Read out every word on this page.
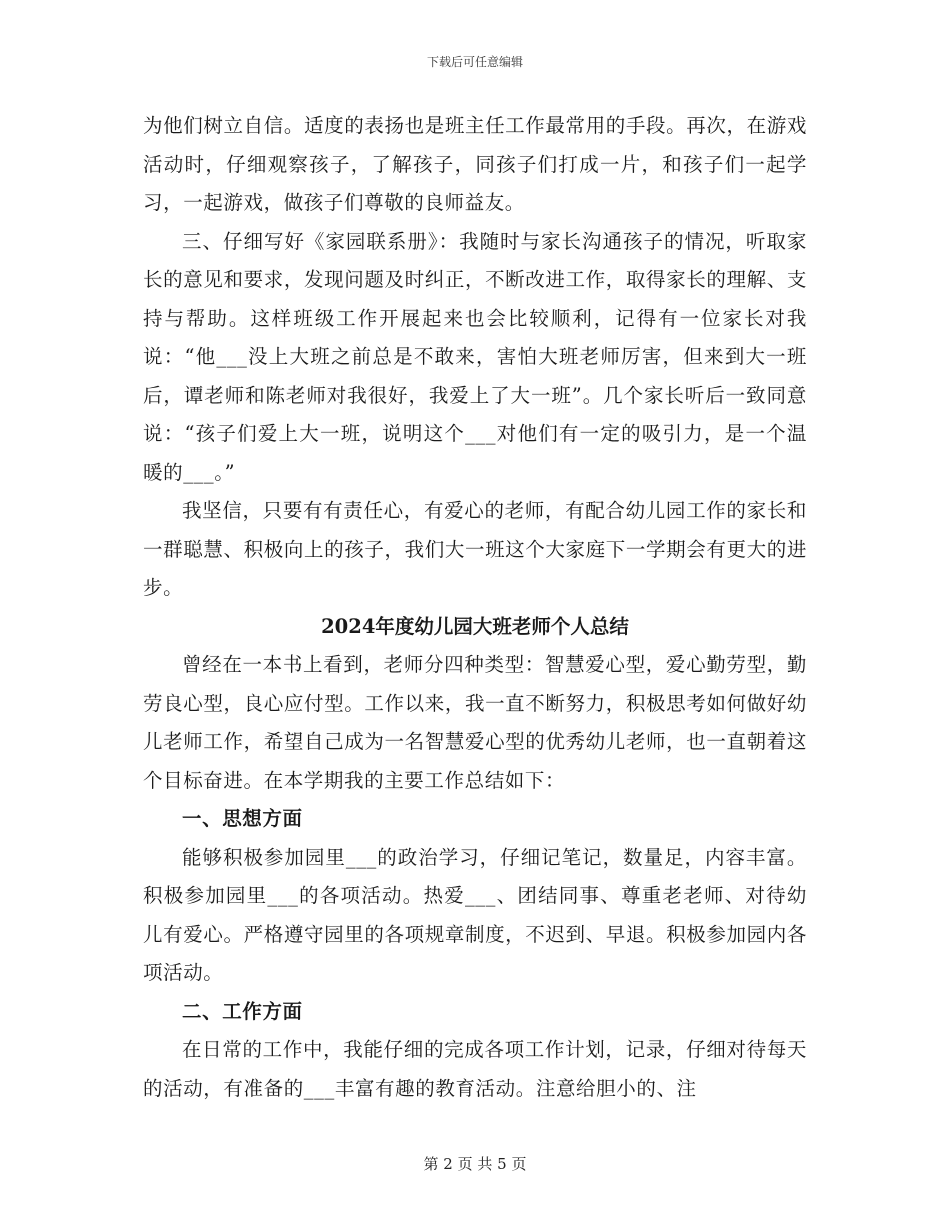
下载后可任意编辑

为他们树立自信。适度的表扬也是班主任工作最常用的手段。再次，在游戏活动时，仔细观察孩子，了解孩子，同孩子们打成一片，和孩子们一起学习，一起游戏，做孩子们尊敬的良师益友。

三、仔细写好《家园联系册》：我随时与家长沟通孩子的情况，听取家长的意见和要求，发现问题及时纠正，不断改进工作，取得家长的理解、支持与帮助。这样班级工作开展起来也会比较顺利，记得有一位家长对我说：“他___没上大班之前总是不敢来，害怕大班老师厉害，但来到大一班后，谭老师和陈老师对我很好，我爱上了大一班”。几个家长听后一致同意说：“孩子们爱上大一班，说明这个___对他们有一定的吸引力，是一个温暖的___。”

我坚信，只要有有责任心，有爱心的老师，有配合幼儿园工作的家长和一群聪慧、积极向上的孩子，我们大一班这个大家庭下一学期会有更大的进步。

2024年度幼儿园大班老师个人总结

曾经在一本书上看到，老师分四种类型：智慧爱心型，爱心勤劳型，勤劳良心型，良心应付型。工作以来，我一直不断努力，积极思考如何做好幼儿老师工作，希望自己成为一名智慧爱心型的优秀幼儿老师，也一直朝着这个目标奋进。在本学期我的主要工作总结如下：

一、思想方面

能够积极参加园里___的政治学习，仔细记笔记，数量足，内容丰富。积极参加园里___的各项活动。热爱___、团结同事、尊重老老师、对待幼儿有爱心。严格遵守园里的各项规章制度，不迟到、早退。积极参加园内各项活动。

二、工作方面

在日常的工作中，我能仔细的完成各项工作计划，记录，仔细对待每天的活动，有准备的___丰富有趣的教育活动。注意给胆小的、注

第 2 页 共 5 页
